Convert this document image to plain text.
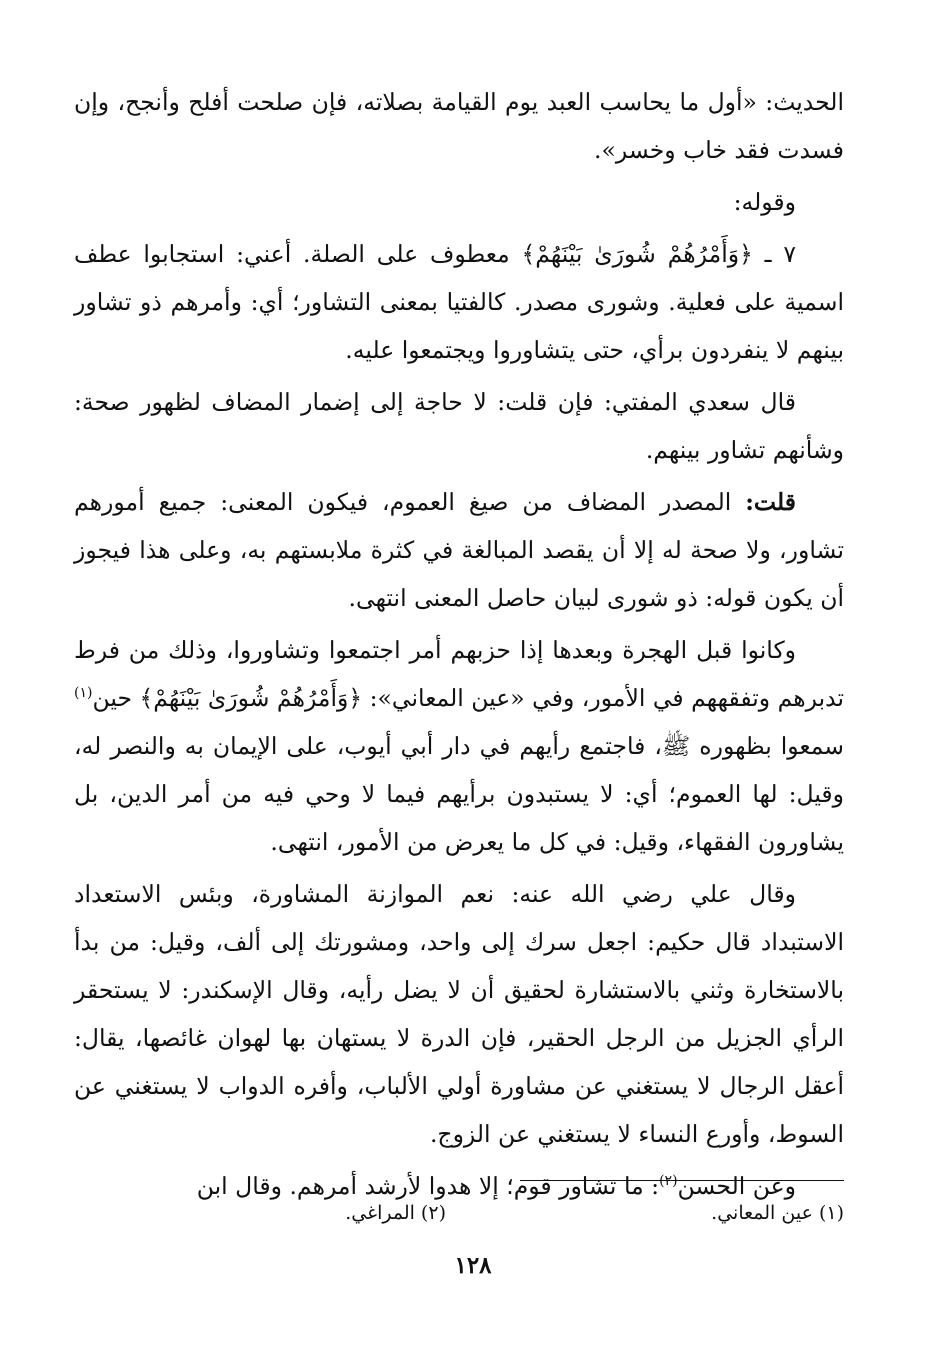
الحديث: «أول ما يحاسب العبد يوم القيامة بصلاته، فإن صلحت أفلح وأنجح، وإن فسدت فقد خاب وخسر».

وقوله:

٧ ـ ﴿وَأَمْرُهُمْ شُورَىٰ بَيْنَهُمْ﴾ معطوف على الصلة. أعني: استجابوا عطف اسمية على فعلية. وشورى مصدر. كالفتيا بمعنى التشاور؛ أي: وأمرهم ذو تشاور بينهم لا ينفردون برأي، حتى يتشاوروا ويجتمعوا عليه.

قال سعدي المفتي: فإن قلت: لا حاجة إلى إضمار المضاف لظهور صحة: وشأنهم تشاور بينهم.

قلت: المصدر المضاف من صيغ العموم، فيكون المعنى: جميع أمورهم تشاور، ولا صحة له إلا أن يقصد المبالغة في كثرة ملابستهم به، وعلى هذا فيجوز أن يكون قوله: ذو شورى لبيان حاصل المعنى انتهى.

وكانوا قبل الهجرة وبعدها إذا حزبهم أمر اجتمعوا وتشاوروا، وذلك من فرط تدبرهم وتفقههم في الأمور، وفي «عين المعاني»: ﴿وَأَمْرُهُمْ شُورَىٰ بَيْنَهُمْ﴾ حين$^{(١)}$ سمعوا بظهوره ﷺ، فاجتمع رأيهم في دار أبي أيوب، على الإيمان به والنصر له، وقيل: لها العموم؛ أي: لا يستبدون برأيهم فيما لا وحي فيه من أمر الدين، بل يشاورون الفقهاء، وقيل: في كل ما يعرض من الأمور، انتهى.

وقال علي رضي الله عنه: نعم الموازنة المشاورة، وبئس الاستعداد الاستبداد قال حكيم: اجعل سرك إلى واحد، ومشورتك إلى ألف، وقيل: من بدأ بالاستخارة وثني بالاستشارة لحقيق أن لا يضل رأيه، وقال الإسكندر: لا يستحقر الرأي الجزيل من الرجل الحقير، فإن الدرة لا يستهان بها لهوان غائصها، يقال: أعقل الرجال لا يستغني عن مشاورة أولي الألباب، وأفره الدواب لا يستغني عن السوط، وأورع النساء لا يستغني عن الزوج.

وعن الحسن$^{(٢)}$: ما تشاور قوم؛ إلا هدوا لأرشد أمرهم. وقال ابن

(١) عين المعاني.
(٢) المراغي.
١٢٨
